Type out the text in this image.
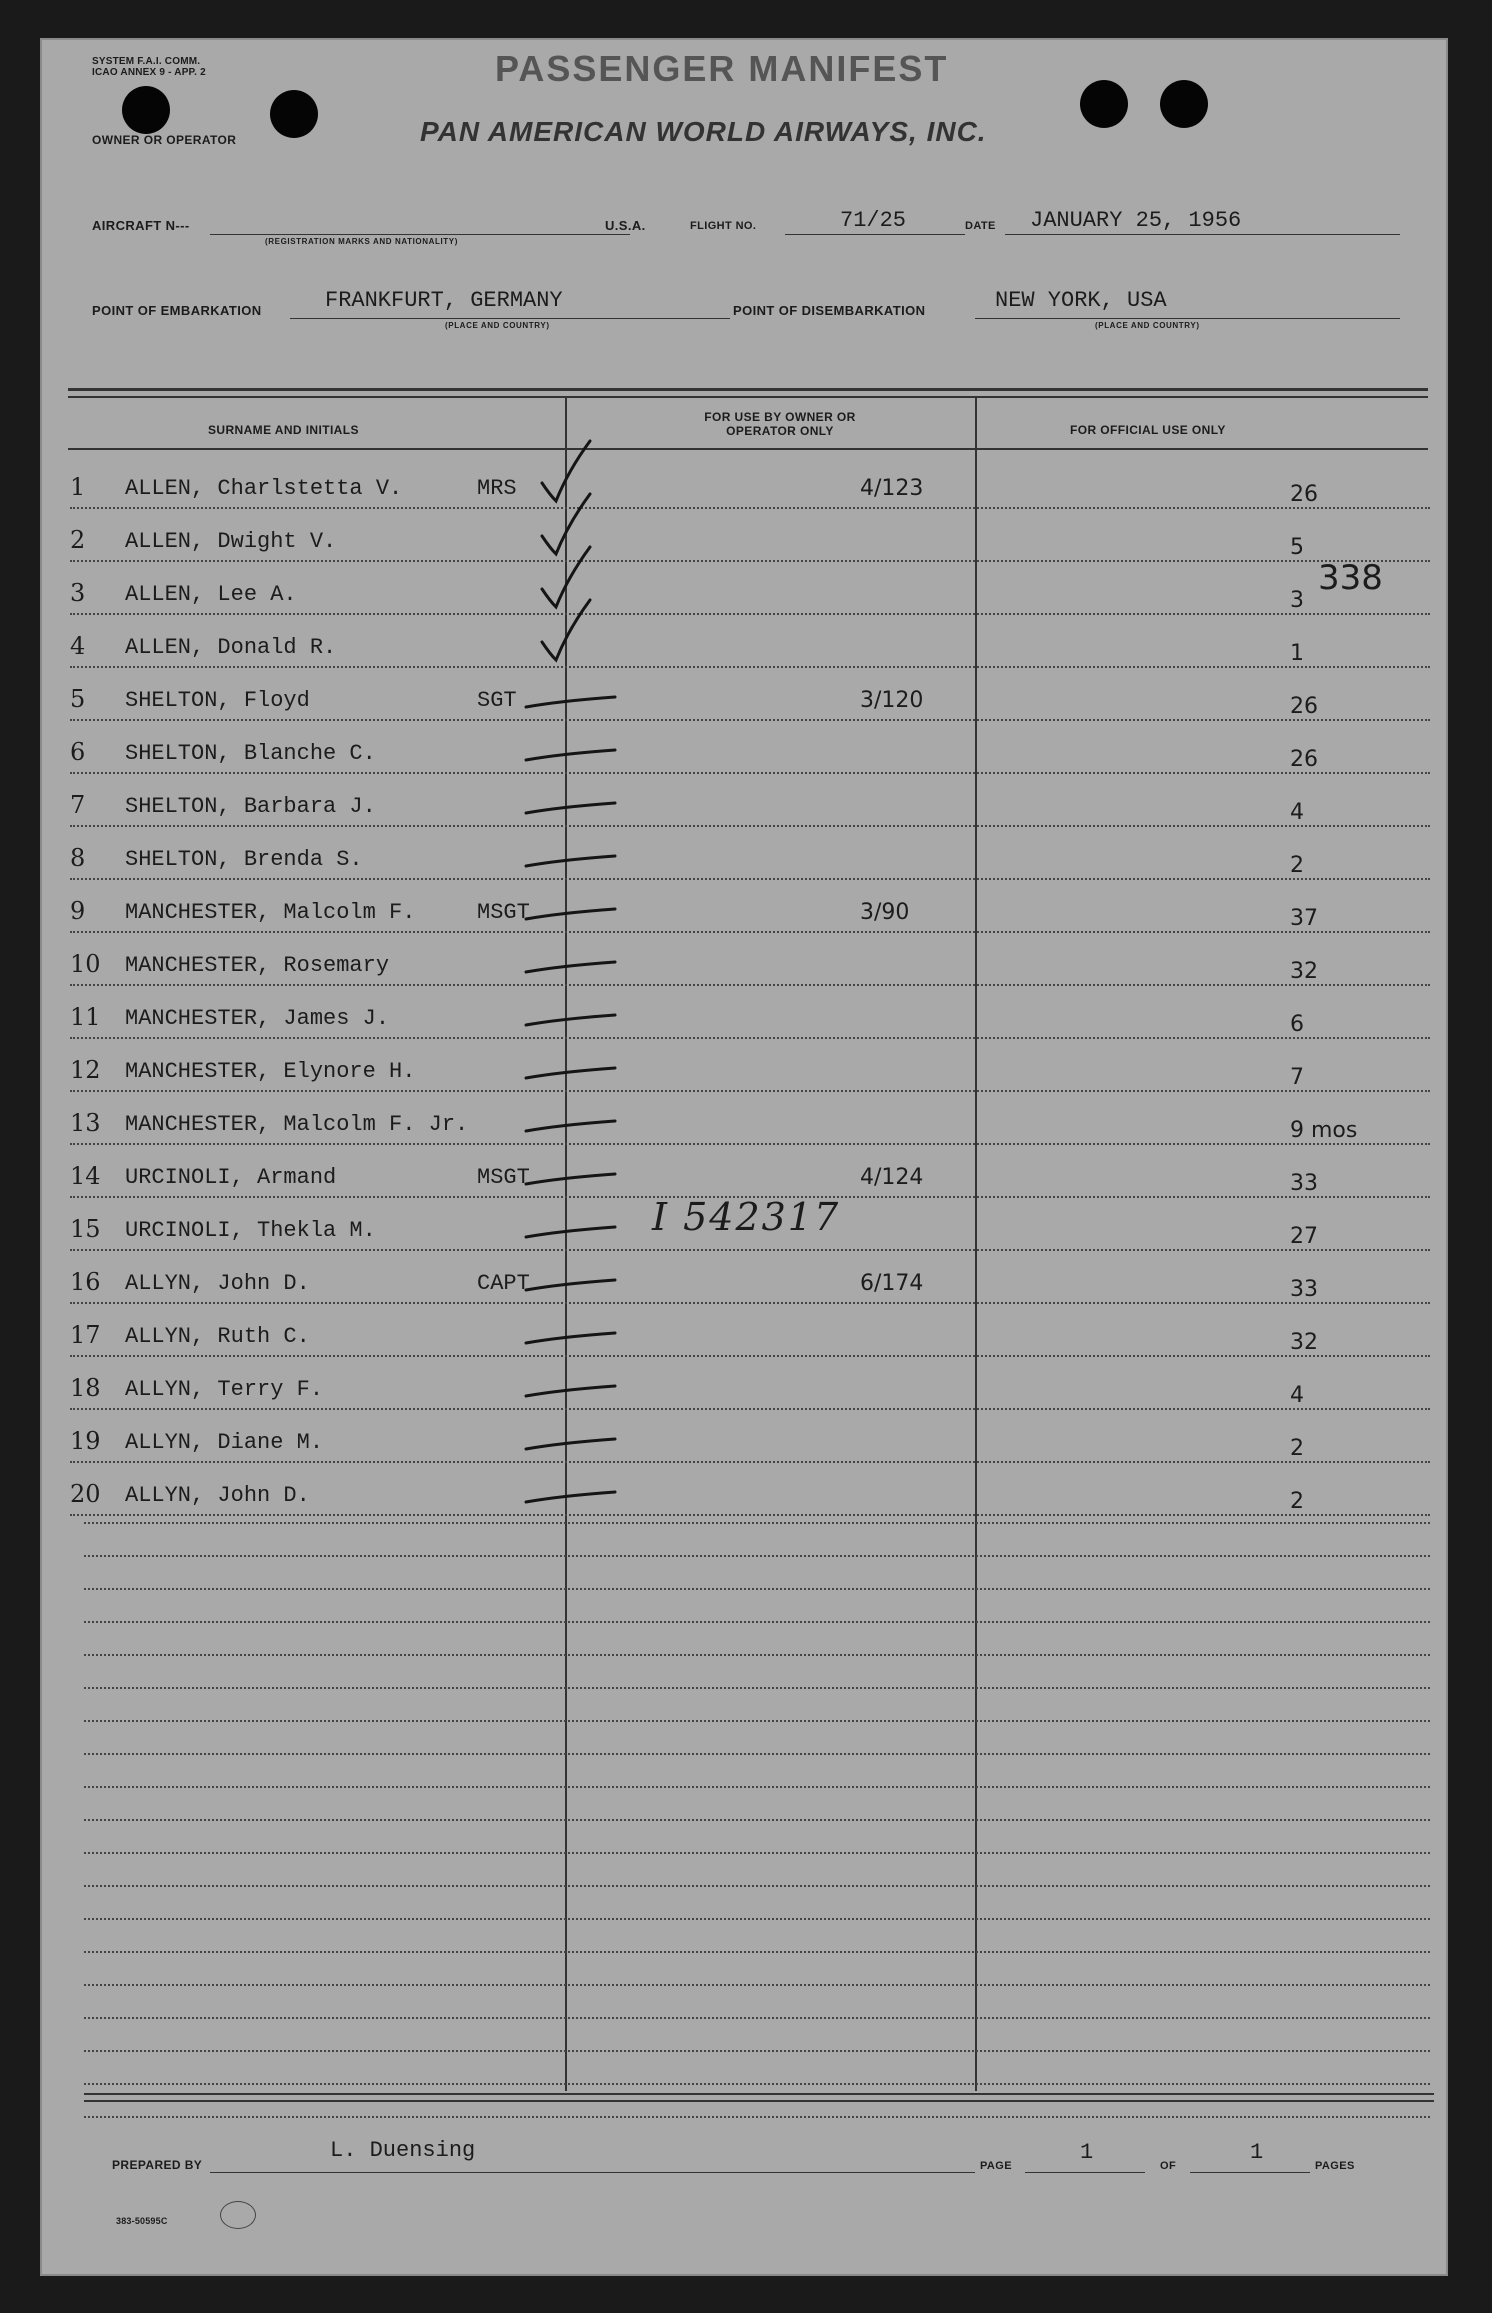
SYSTEM F.A.I. COMM. ICAO ANNEX 9 - APP. 2	PASSENGER MANIFEST
OWNER OR OPERATOR	PAN AMERICAN WORLD AIRWAYS, INC.
AIRCRAFT N---
(REGISTRATION MARKS AND NATIONALITY)
U.S.A.	FLIGHT NO.	71/25	DATE JANUARY 25, 1956
POINT OF EMBARKATION	FRANKFURT, GERMANY
(PLACE AND COUNTRY)
POINT OF DISEMBARKATION	NEW YORK, USA
(PLACE AND COUNTRY)
SURNAME AND INITIALS
FOR USE BY OWNER OR OPERATOR ONLY	FOR OFFICIAL USE ONLY
1	ALLEN, Charlstetta V.	MRS	4/123	26
2	ALLEN, Dwight V.	5
3	ALLEN, Lee A.	3
4	ALLEN, Donald R.	1
5	SHELTON, Floyd	SGT	3/120	26
6	SHELTON, Blanche C.	26
7	SHELTON, Barbara J.	4
8	SHELTON, Brenda S.	2
9	MANCHESTER, Malcolm F.	MSGT	3/90	37
10	MANCHESTER, Rosemary	32
11	MANCHESTER, James J.	6
12	MANCHESTER, Elynore H.	7
13	MANCHESTER, Malcolm F. Jr.	9 mos
14	URCINOLI, Armand	MSGT	4/124	33
15	URCINOLI, Thekla M.	27
16	ALLYN, John D.	CAPT	6/174	33
17	ALLYN, Ruth C.	32
18	ALLYN, Terry F.	4
19	ALLYN, Diane M.	2
20	ALLYN, John D.	2
338
I 542317
PREPARED BY
L. Duensing
PAGE
1
OF
1
PAGES
383-50595C
